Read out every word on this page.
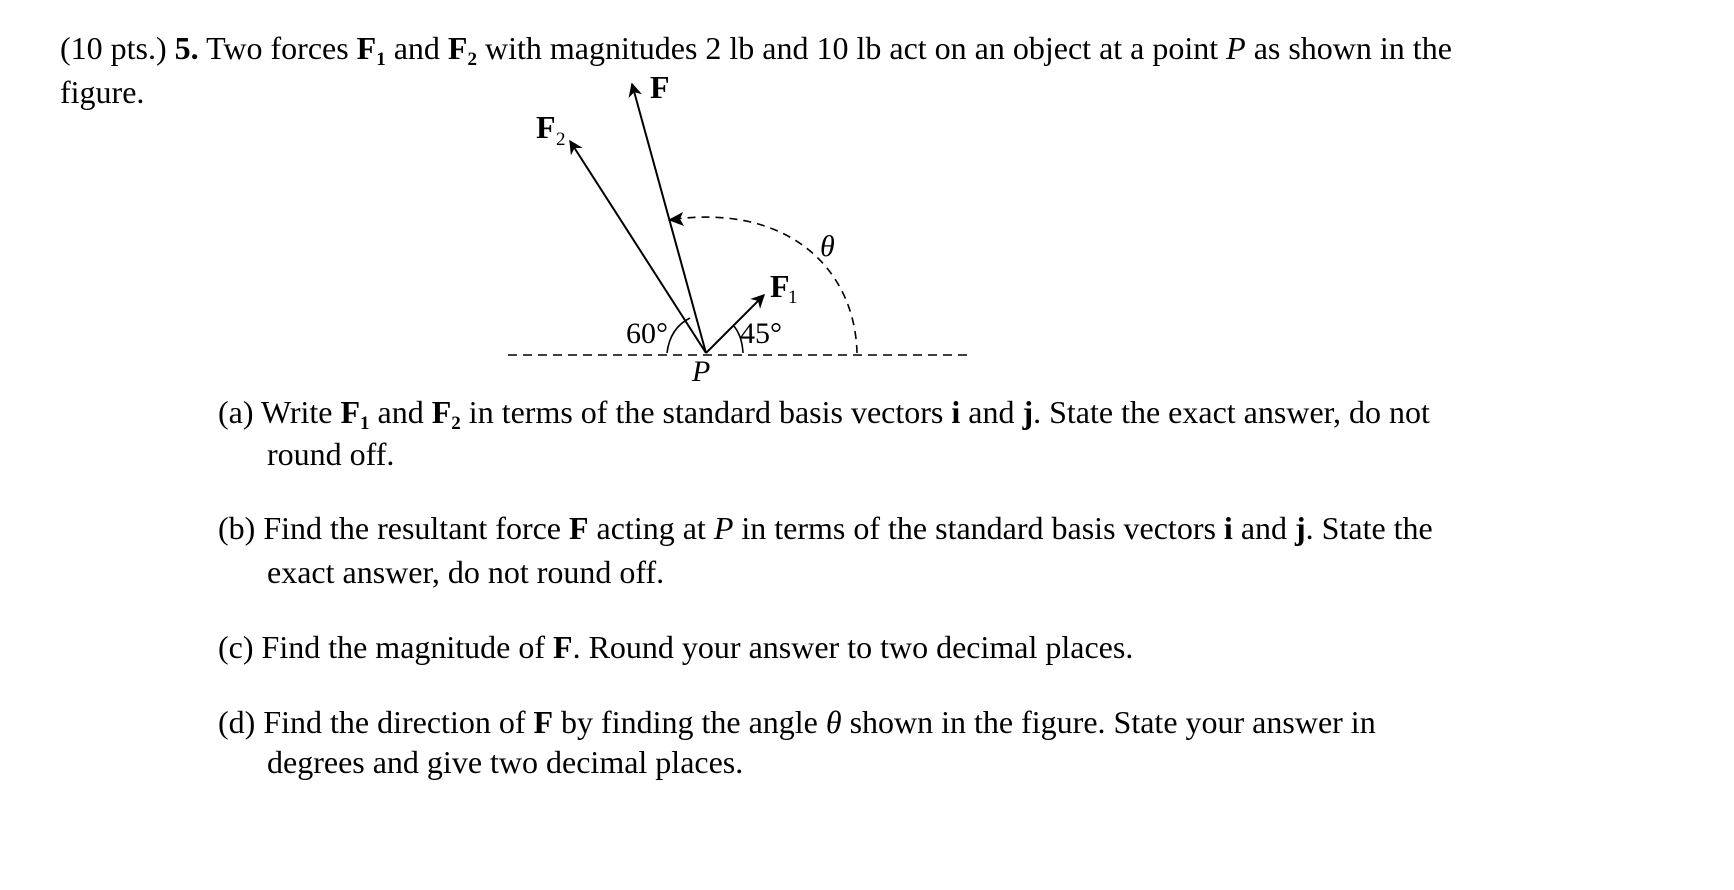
(10 pts.) 5. Two forces $F_1$ and $F_2$ with magnitudes 2 lb and 10 lb act on an object at a point P as shown in the
figure.	F
F 2
F
1
θ
60° 45°
P
(a) Write $F_1$ and $F_2$ in terms of the standard basis vectors i and j. State the exact answer, do not
round off.
(b) Find the resultant force F acting at P in terms of the standard basis vectors i and j. State the
exact answer, do not round off.
(c) Find the magnitude of F. Round your answer to two decimal places.
(d) Find the direction of F by finding the angle θ shown in the figure. State your answer in
degrees and give two decimal places.
